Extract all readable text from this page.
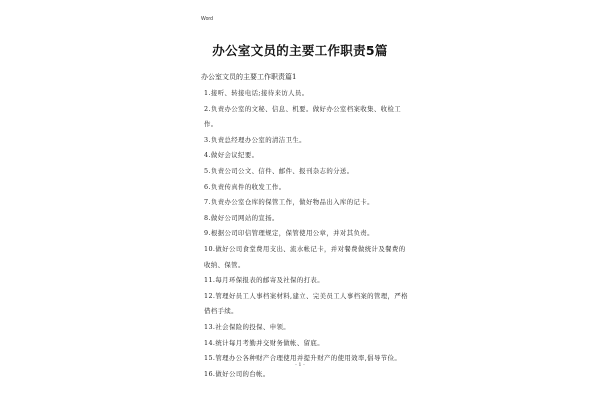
Word
办公室文员的主要工作职责5篇
办公室文员的主要工作职责篇1
1.接听、转接电话;接待来访人员。
2.负责办公室的文秘、信息、机要。做好办公室档案收集、收检工作。
3.负责总经理办公室的清洁卫生。
4.做好会议纪要。
5.负责公司公文、信件、邮件、报刊杂志的分送。
6.负责传真件的收发工作。
7.负责办公室仓库的保管工作，做好物品出入库的记卡。
8.做好公司网站的宣扬。
9.根据公司印信管理规定，保管使用公章，并对其负责。
10.做好公司食堂费用支出、流水帐记卡，并对餐费做统计及餐费的收纳、保管。
11.每月环保报表的邮寄及社保的打表。
12.管理好员工人事档案材料,建立、完美员工人事档案的管理，严格借档手续。
13.社会保险的投保、申领。
14.统计每月考勤并交财务做帐、留底。
15.管理办公各种财产合理使用并提升财产的使用效率,倡导节俭。
16.做好公司的台帐。
- 1 -
